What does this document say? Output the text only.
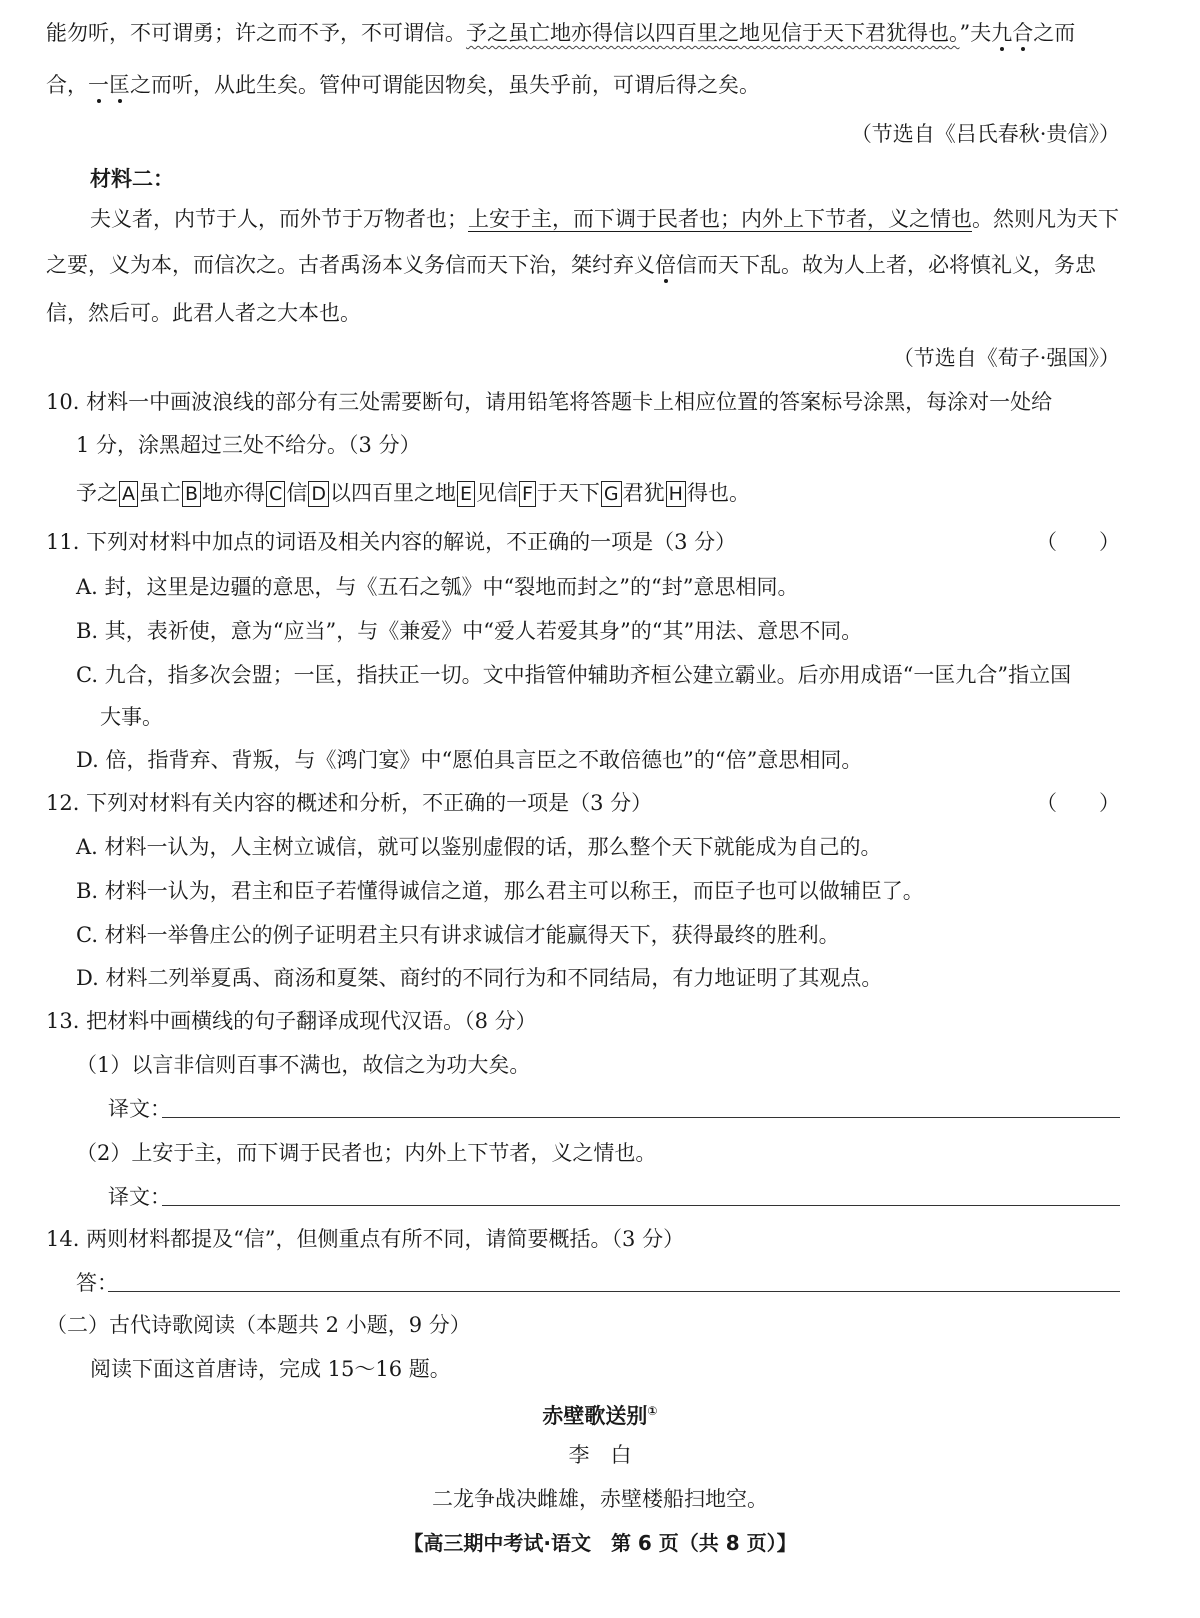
能勿听，不可谓勇；许之而不予，不可谓信。予之虽亡地亦得信以四百里之地见信于天下君犹得也。”夫九合之而
合，一匡之而听，从此生矣。管仲可谓能因物矣，虽失乎前，可谓后得之矣。
（节选自《吕氏春秋·贵信》）
材料二：
夫义者，内节于人，而外节于万物者也；上安于主，而下调于民者也；内外上下节者，义之情也。然则凡为天下
之要，义为本，而信次之。古者禹汤本义务信而天下治，桀纣弃义倍信而天下乱。故为人上者，必将慎礼义，务忠
信，然后可。此君人者之大本也。
（节选自《荀子·强国》）
10. 材料一中画波浪线的部分有三处需要断句，请用铅笔将答题卡上相应位置的答案标号涂黑，每涂对一处给
1 分，涂黑超过三处不给分。（3 分）
予之 A 虽亡 B 地亦得 C 信 D 以四百里之地 E 见信 F 于天下 G 君犹 H 得也。
11. 下列对材料中加点的词语及相关内容的解说，不正确的一项是（3 分）	（　　）
A. 封，这里是边疆的意思，与《五石之瓠》中“裂地而封之”的“封”意思相同。
B. 其，表祈使，意为“应当”，与《兼爱》中“爱人若爱其身”的“其”用法、意思不同。
C. 九合，指多次会盟；一匡，指扶正一切。文中指管仲辅助齐桓公建立霸业。后亦用成语“一匡九合”指立国
大事。
D. 倍，指背弃、背叛，与《鸿门宴》中“愿伯具言臣之不敢倍德也”的“倍”意思相同。
12. 下列对材料有关内容的概述和分析，不正确的一项是（3 分）	（　　）
A. 材料一认为，人主树立诚信，就可以鉴别虚假的话，那么整个天下就能成为自己的。
B. 材料一认为，君主和臣子若懂得诚信之道，那么君主可以称王，而臣子也可以做辅臣了。
C. 材料一举鲁庄公的例子证明君主只有讲求诚信才能赢得天下，获得最终的胜利。
D. 材料二列举夏禹、商汤和夏桀、商纣的不同行为和不同结局，有力地证明了其观点。
13. 把材料中画横线的句子翻译成现代汉语。（8 分）
（1）以言非信则百事不满也，故信之为功大矣。
译文：
（2）上安于主，而下调于民者也；内外上下节者，义之情也。
译文：
14. 两则材料都提及“信”，但侧重点有所不同，请简要概括。（3 分）
答：
（二）古代诗歌阅读（本题共 2 小题，9 分）
阅读下面这首唐诗，完成 15～16 题。
赤壁歌送别①
李　白
二龙争战决雌雄，赤壁楼船扫地空。
【高三期中考试·语文　第 6 页（共 8 页）】
